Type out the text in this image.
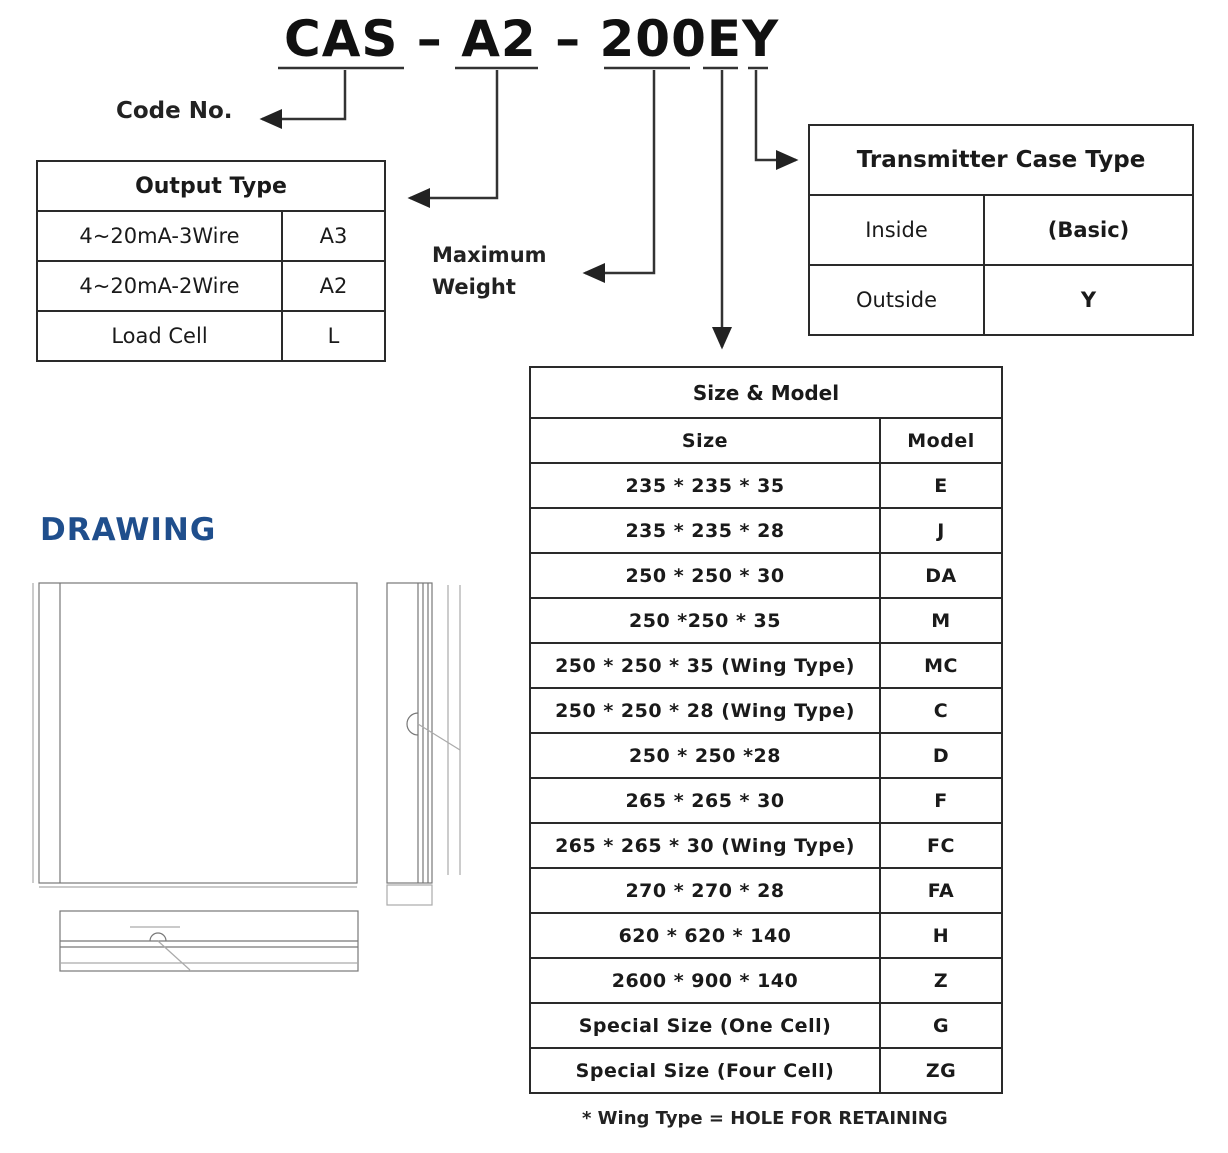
CAS – A2 – 200EY
Code No.
Maximum
Weight
Output Type	
4~20mA-3Wire	A3
4~20mA-2Wire	A2
Load Cell	L
Transmitter Case Type	
Inside	(Basic)
Outside	Y
Size & Model	
Size	Model
235 * 235 * 35	E
235 * 235 * 28	J
250 * 250 * 30	DA
250 *250 * 35	M
250 * 250 * 35 (Wing Type)	MC
250 * 250 * 28 (Wing Type)	C
250 * 250 *28	D
265 * 265 * 30	F
265 * 265 * 30 (Wing Type)	FC
270 * 270 * 28	FA
620 * 620 * 140	H
2600 * 900 * 140	Z
Special Size (One Cell)	G
Special Size (Four Cell)	ZG
DRAWING
* Wing Type = HOLE FOR RETAINING
